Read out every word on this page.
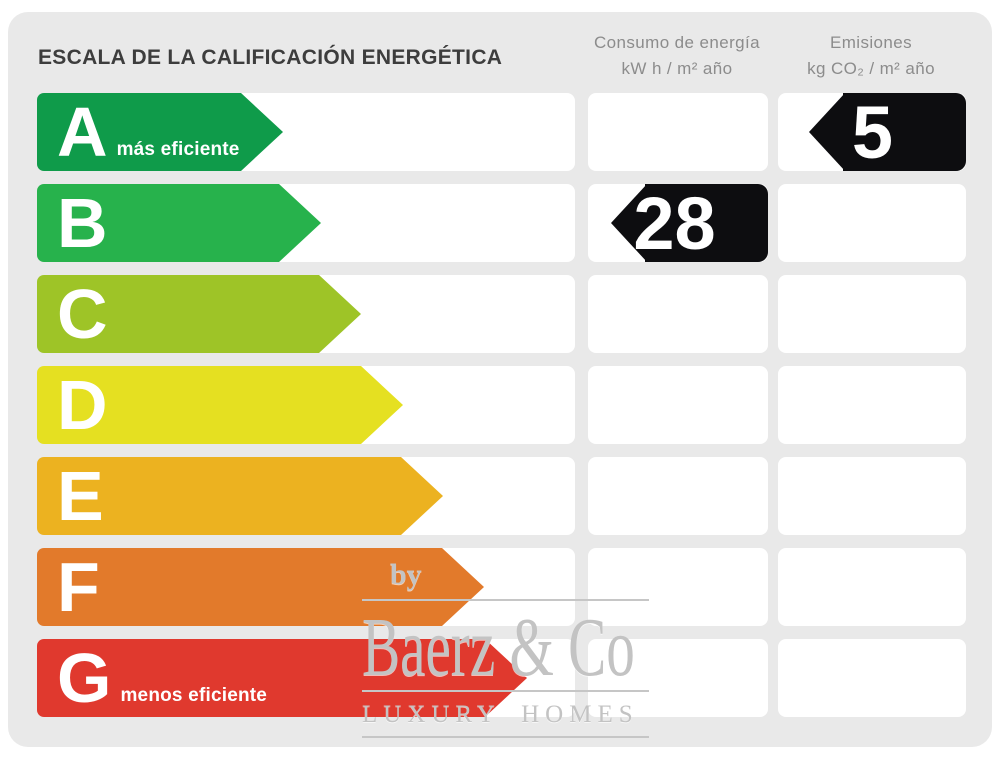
ESCALA DE LA CALIFICACIÓN ENERGÉTICA
Consumo de energía
kW h / m² año
Emisiones
kg CO₂ / m² año
A más eficiente	5
B	28
C
D
E
F
G menos eficiente
by
Baerz & Co
LUXURY HOMES
